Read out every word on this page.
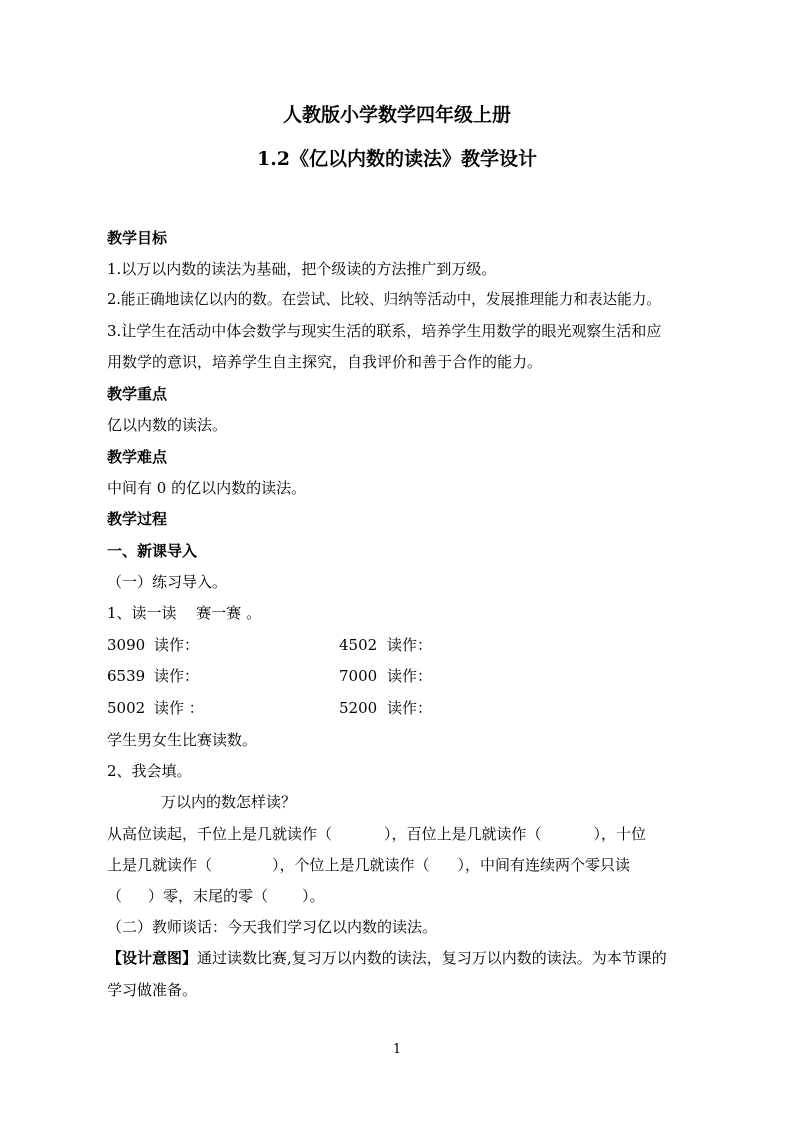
人教版小学数学四年级上册
1.2《亿以内数的读法》教学设计
教学目标
1.以万以内数的读法为基础，把个级读的方法推广到万级。
2.能正确地读亿以内的数。在尝试、比较、归纳等活动中，发展推理能力和表达能力。
3.让学生在活动中体会数学与现实生活的联系，培养学生用数学的眼光观察生活和应
用数学的意识，培养学生自主探究，自我评价和善于合作的能力。
教学重点
亿以内数的读法。
教学难点
中间有 0 的亿以内数的读法。
教学过程
一、新课导入
（一）练习导入。
1、读一读　 赛一赛 。
3090 读作：	4502 读作：
6539 读作：	7000 读作：
5002 读作 ：	5200 读作：
学生男女生比赛读数。
2、我会填。
万以内的数怎样读？
从高位读起，千位上是几就读作（	），百位上是几就读作（	），十位
上是几就读作（	），个位上是几就读作（ ），中间有连续两个零只读
（ ）零，末尾的零（ ）。
（二）教师谈话：今天我们学习亿以内数的读法。
【设计意图】通过读数比赛,复习万以内数的读法，复习万以内数的读法。为本节课的
学习做准备。
1
